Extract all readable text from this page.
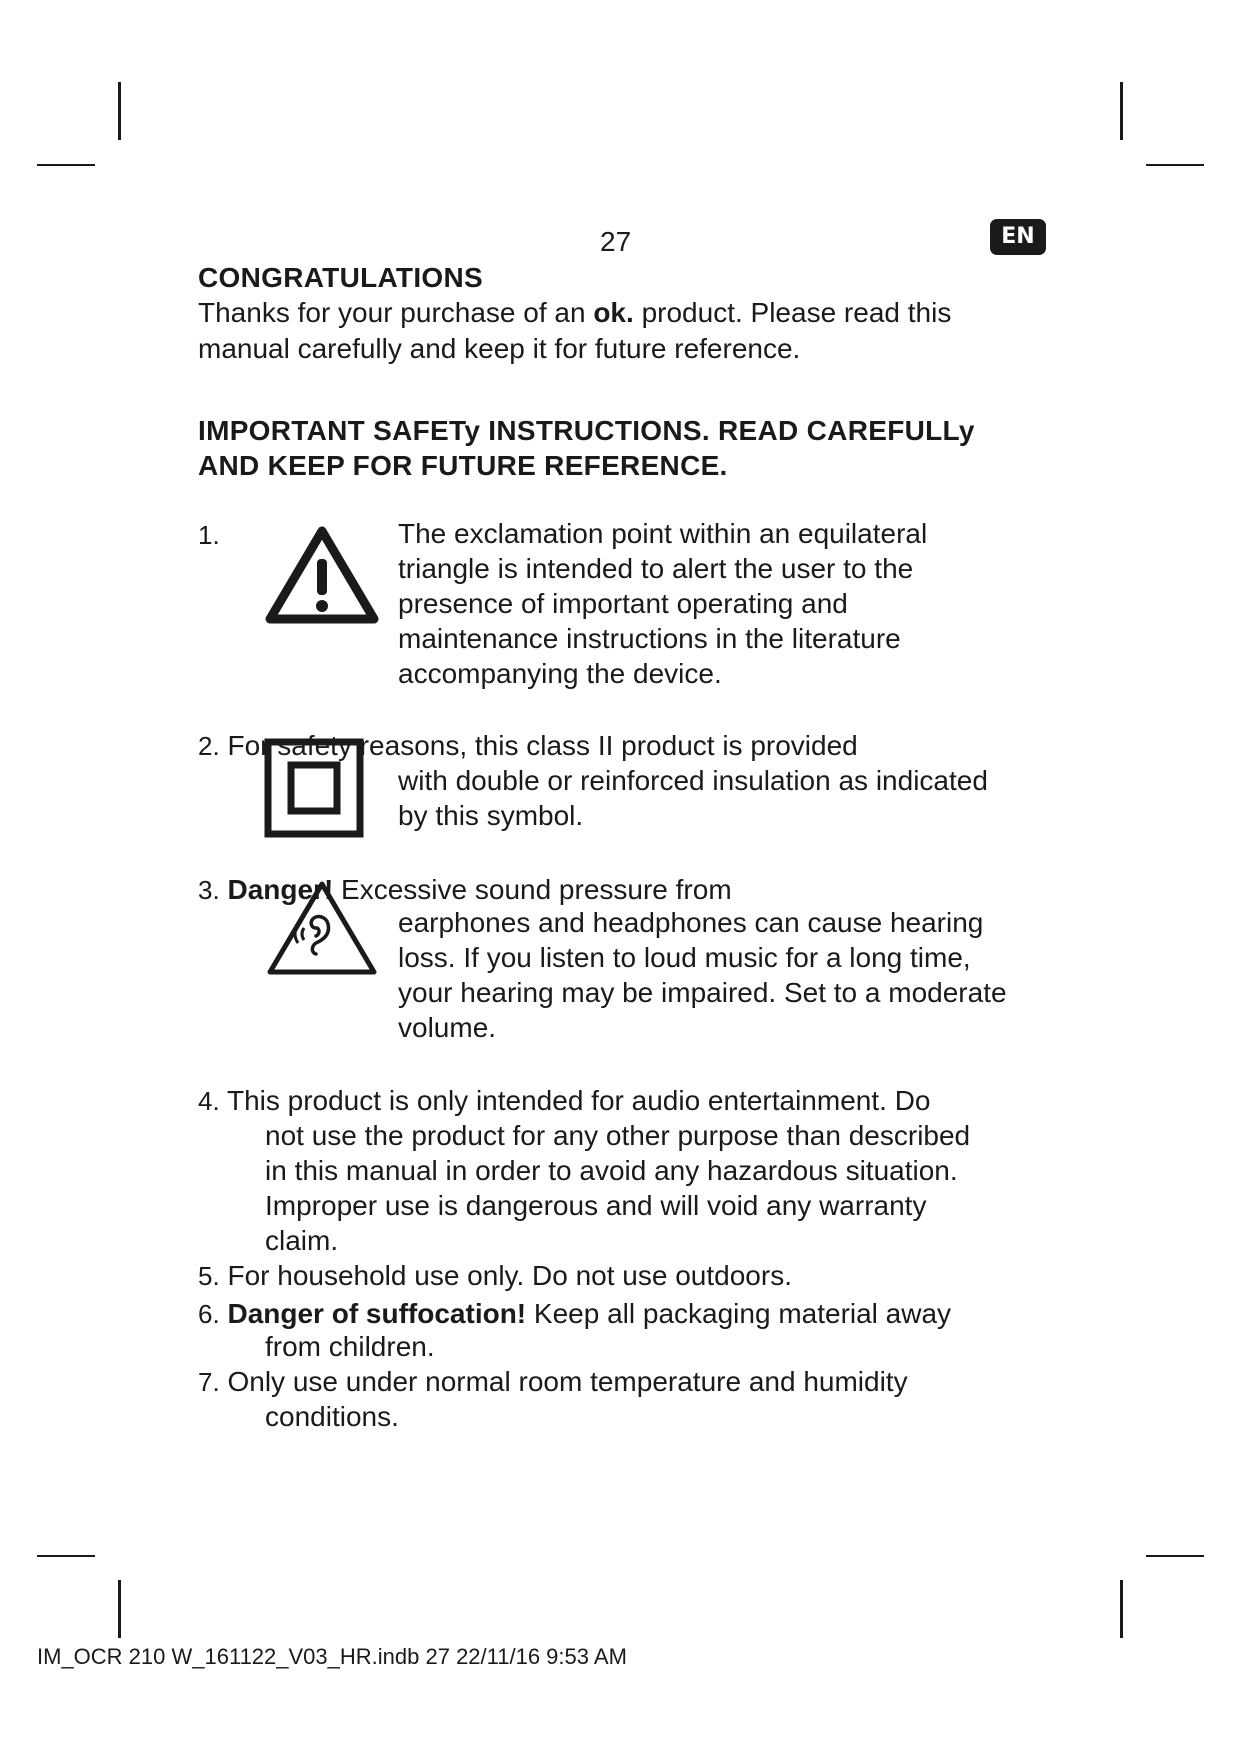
27	EN
CONGRATULATIONS
Thanks for your purchase of an ok. product. Please read this
manual carefully and keep it for future reference.
IMPORTANT SAFETy INSTRUCTIONS. READ CAREFULLy
AND KEEP FOR FUTURE REFERENCE.
1.	The exclamation point within an equilateral
triangle is intended to alert the user to the
presence of important operating and
maintenance instructions in the literature
accompanying the device.
2. For safety reasons, this class II product is provided
with double or reinforced insulation as indicated
by this symbol.
3. Danger! Excessive sound pressure from
earphones and headphones can cause hearing
loss. If you listen to loud music for a long time,
your hearing may be impaired. Set to a moderate
volume.
4. This product is only intended for audio entertainment. Do
not use the product for any other purpose than described
in this manual in order to avoid any hazardous situation.
Improper use is dangerous and will void any warranty
claim.
5. For household use only. Do not use outdoors.
6. Danger of suffocation! Keep all packaging material away
from children.
7. Only use under normal room temperature and humidity
conditions.
IM_OCR 210 W_161122_V03_HR.indb 27 22/11/16 9:53 AM
